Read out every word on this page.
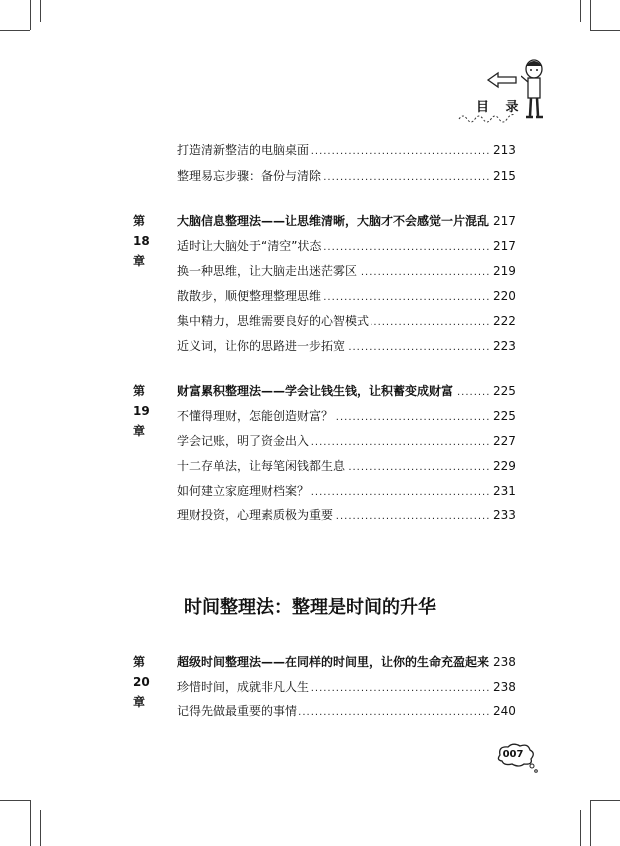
目 录
.....
打造清新整洁的电脑桌面	213
.....
整理易忘步骤：备份与清除	215
第18章
.....
大脑信息整理法——让思维清晰，大脑才不会感觉一片混乱 217
.....
适时让大脑处于“清空”状态	217
.....
换一种思维，让大脑走出迷茫雾区	219
.....
散散步，顺便整理整理思维	220
.....
集中精力，思维需要良好的心智模式	222
.....
近义词，让你的思路进一步拓宽	223
第19章
.....
财富累积整理法——学会让钱生钱，让积蓄变成财富	225
.....
不懂得理财，怎能创造财富？	225
.....
学会记账，明了资金出入	227
.....
十二存单法，让每笔闲钱都生息	229
.....
如何建立家庭理财档案？	231
.....
理财投资，心理素质极为重要	233
时间整理法：整理是时间的升华
第20章
.....
超级时间整理法——在同样的时间里，让你的生命充盈起来 238
.....
珍惜时间，成就非凡人生	238
.....
记得先做最重要的事情	240
007
